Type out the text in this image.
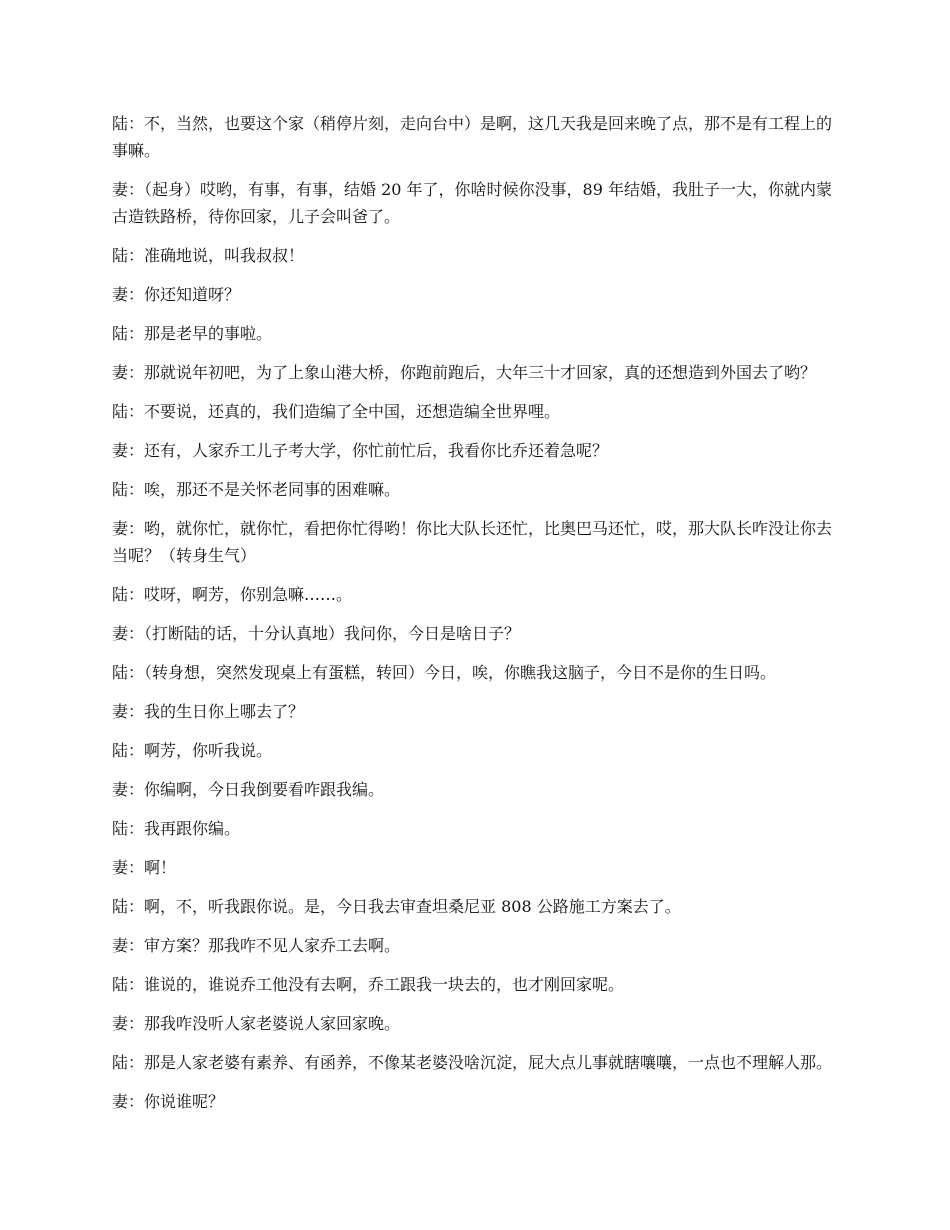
陆：不，当然，也要这个家（稍停片刻，走向台中）是啊，这几天我是回来晚了点，那不是有工程上的事嘛。

妻：（起身）哎哟，有事，有事，结婚 20 年了，你啥时候你没事，89 年结婚，我肚子一大，你就内蒙古造铁路桥，待你回家，儿子会叫爸了。

陆：准确地说，叫我叔叔！

妻：你还知道呀？

陆：那是老早的事啦。

妻：那就说年初吧，为了上象山港大桥，你跑前跑后，大年三十才回家，真的还想造到外国去了哟？

陆：不要说，还真的，我们造编了全中国，还想造编全世界哩。

妻：还有，人家乔工儿子考大学，你忙前忙后，我看你比乔还着急呢？

陆：唉，那还不是关怀老同事的困难嘛。

妻：哟，就你忙，就你忙，看把你忙得哟！你比大队长还忙，比奥巴马还忙，哎，那大队长咋没让你去当呢？（转身生气）

陆：哎呀，啊芳，你别急嘛……。

妻：（打断陆的话，十分认真地）我问你，今日是啥日子？

陆：（转身想，突然发现桌上有蛋糕，转回）今日，唉，你瞧我这脑子，今日不是你的生日吗。

妻：我的生日你上哪去了？

陆：啊芳，你听我说。

妻：你编啊，今日我倒要看咋跟我编。

陆：我再跟你编。

妻：啊！

陆：啊，不，听我跟你说。是，今日我去审查坦桑尼亚 808 公路施工方案去了。

妻：审方案？那我咋不见人家乔工去啊。

陆：谁说的，谁说乔工他没有去啊，乔工跟我一块去的，也才刚回家呢。

妻：那我咋没听人家老婆说人家回家晚。

陆：那是人家老婆有素养、有函养，不像某老婆没啥沉淀，屁大点儿事就瞎嚷嚷，一点也不理解人那。

妻：你说谁呢？
